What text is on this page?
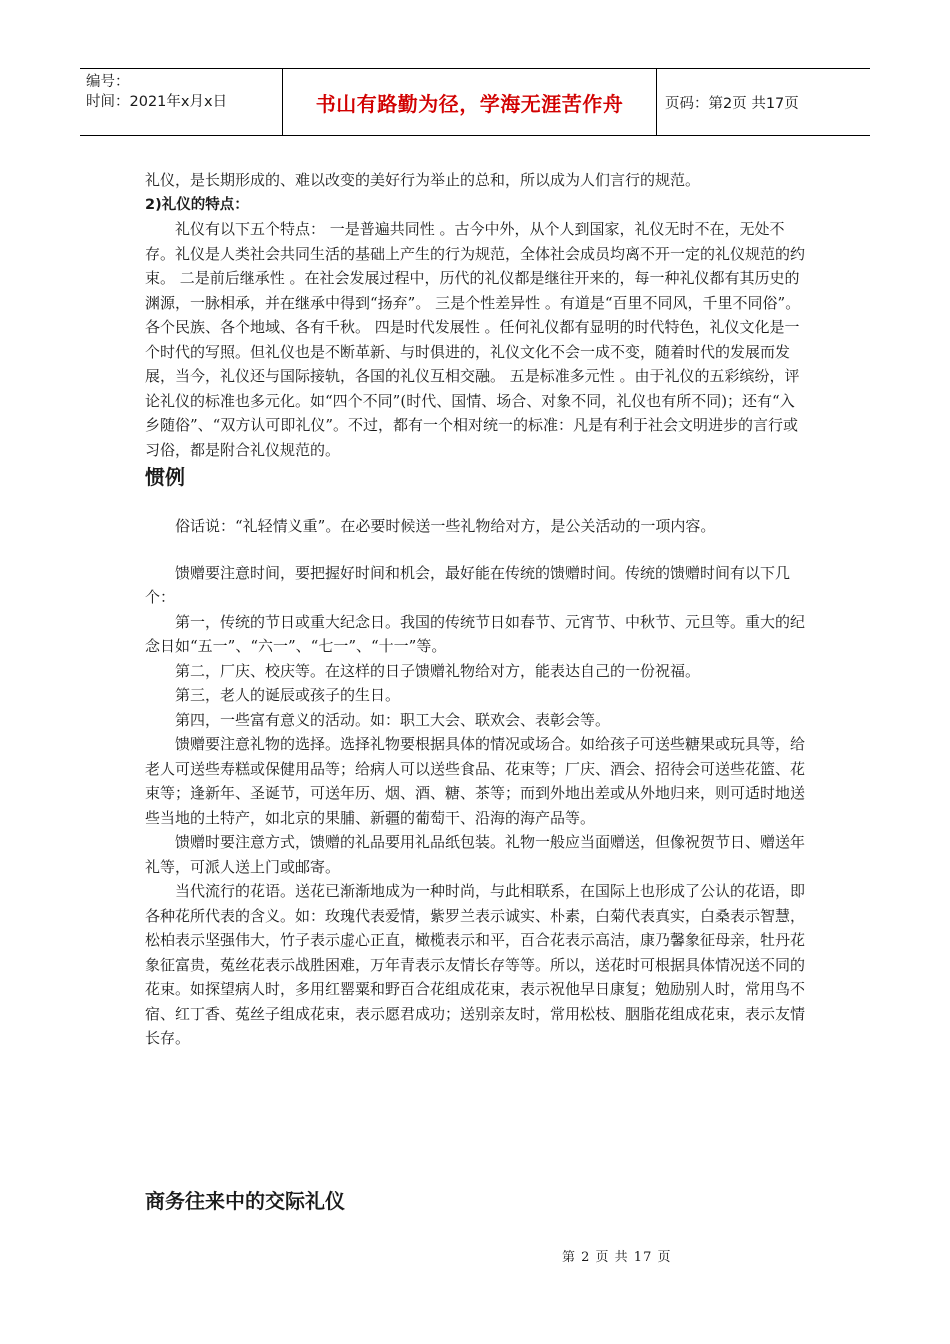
编号：
时间：2021年x月x日	书山有路勤为径，学海无涯苦作舟	页码：第2页 共17页

礼仪，是长期形成的、难以改变的美好行为举止的总和，所以成为人们言行的规范。

2)礼仪的特点：

礼仪有以下五个特点： 一是普遍共同性 。古今中外，从个人到国家，礼仪无时不在，无处不存。礼仪是人类社会共同生活的基础上产生的行为规范，全体社会成员均离不开一定的礼仪规范的约束。 二是前后继承性 。在社会发展过程中，历代的礼仪都是继往开来的，每一种礼仪都有其历史的渊源，一脉相承，并在继承中得到“扬弃”。 三是个性差异性 。有道是“百里不同风，千里不同俗”。各个民族、各个地域、各有千秋。 四是时代发展性 。任何礼仪都有显明的时代特色，礼仪文化是一个时代的写照。但礼仪也是不断革新、与时俱进的，礼仪文化不会一成不变，随着时代的发展而发展，当今，礼仪还与国际接轨，各国的礼仪互相交融。 五是标准多元性 。由于礼仪的五彩缤纷，评论礼仪的标准也多元化。如“四个不同”(时代、国情、场合、对象不同，礼仪也有所不同)；还有“入乡随俗”、“双方认可即礼仪”。不过，都有一个相对统一的标准：凡是有利于社会文明进步的言行或习俗，都是附合礼仪规范的。

惯例

俗话说：“礼轻情义重”。在必要时候送一些礼物给对方，是公关活动的一项内容。

馈赠要注意时间，要把握好时间和机会，最好能在传统的馈赠时间。传统的馈赠时间有以下几个：

第一，传统的节日或重大纪念日。我国的传统节日如春节、元宵节、中秋节、元旦等。重大的纪念日如“五一”、“六一”、“七一”、“十一”等。

第二，厂庆、校庆等。在这样的日子馈赠礼物给对方，能表达自己的一份祝福。

第三，老人的诞辰或孩子的生日。

第四，一些富有意义的活动。如：职工大会、联欢会、表彰会等。

馈赠要注意礼物的选择。选择礼物要根据具体的情况或场合。如给孩子可送些糖果或玩具等，给老人可送些寿糕或保健用品等；给病人可以送些食品、花束等；厂庆、酒会、招待会可送些花篮、花束等；逢新年、圣诞节，可送年历、烟、酒、糖、茶等；而到外地出差或从外地归来，则可适时地送些当地的土特产，如北京的果脯、新疆的葡萄干、沿海的海产品等。

馈赠时要注意方式，馈赠的礼品要用礼品纸包装。礼物一般应当面赠送，但像祝贺节日、赠送年礼等，可派人送上门或邮寄。

当代流行的花语。送花已渐渐地成为一种时尚，与此相联系，在国际上也形成了公认的花语，即各种花所代表的含义。如：玫瑰代表爱情，紫罗兰表示诚实、朴素，白菊代表真实，白桑表示智慧，松柏表示坚强伟大，竹子表示虚心正直，橄榄表示和平，百合花表示高洁，康乃馨象征母亲，牡丹花象征富贵，菟丝花表示战胜困难，万年青表示友情长存等等。所以，送花时可根据具体情况送不同的花束。如探望病人时，多用红罂粟和野百合花组成花束，表示祝他早日康复；勉励别人时，常用鸟不宿、红丁香、菟丝子组成花束，表示愿君成功；送别亲友时，常用松枝、胭脂花组成花束，表示友情长存。

商务往来中的交际礼仪
第 2 页 共 17 页
